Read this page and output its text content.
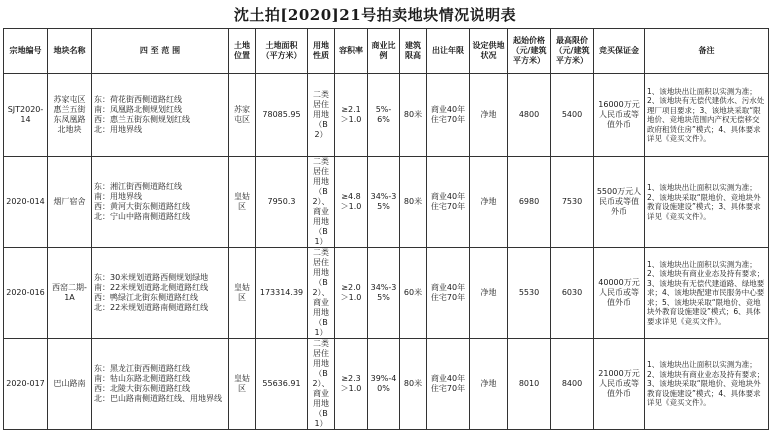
沈土拍[2020]21号拍卖地块情况说明表
宗地编号	地块名称	四 至 范 围	土地位置	土地面积（平方米）	用地性质	容积率	商业比例	建筑限高	出让年限	设定供地状况	起始价格（元/建筑平方米）	最高限价（元/建筑平方米）	竞买保证金	备注
SJT2020-14	苏家屯区惠兰五街东凤凰路北地块	东：荷花街西侧道路红线
南：凤凰路北侧规划红线
西：惠兰五街东侧规划红线
北：用地界线	苏家屯区	78085.95	二类居住用地（B2）	≥2.1 ＞1.0	5%-6%	80米	商业40年住宅70年	净地	4800	5400	16000万元人民币或等值外币	1、该地块出让面积以实测为准；2、该地块有无偿代建供水、污水处理厂项目要求；3、该地块采取“限地价、竞地块范围内产权无偿移交政府租赁住房”模式；4、具体要求详见《竞买文件》。
2020-014	烟厂宿舍	东：湘江街西侧道路红线
南：用地界线
西：黄河大街东侧道路红线
北：宁山中路南侧道路红线	皇姑区	7950.3	二类居住用地（B2）、商业用地（B1）	≥4.8 ＞1.0	34%-35%	80米	商业40年住宅70年	净地	6980	7530	5500万元人民币或等值外币	1、该地块出让面积以实测为准；2、该地块采取“限地价、竞地块外教育设施建设”模式；3、具体要求详见《竞买文件》。
2020-016	西窑二期-1A	东：30米规划道路西侧规划绿地
南：22米规划道路北侧道路红线
西：鸭绿江北街东侧道路红线
北：22米规划道路南侧道路红线	皇姑区	173314.39	二类居住用地（B2）、商业用地（B1）	≥2.0 ＞1.0	34%-35%	60米	商业40年住宅70年	净地	5530	6030	40000万元人民币或等值外币	1、该地块出让面积以实测为准；2、该地块有商业业态及持有要求；3、该地块有无偿代建道路、绿地要求；4、该地块配建市民服务中心要求；5、该地块采取“限地价、竞地块外教育设施建设”模式；6、具体要求详见《竞买文件》。
2020-017	巴山路南	东：黑龙江街西侧道路红线
南：牯山东路北侧道路红线
西：北陵大街东侧道路红线
北：巴山路南侧道路红线、用地界线	皇姑区	55636.91	二类居住用地（B2）、商业用地（B1）	≥2.3 ＞1.0	39%-40%	80米	商业40年住宅70年	净地	8010	8400	21000万元人民币或等值外币	1、该地块出让面积以实测为准；2、该地块有商业业态及持有要求；3、该地块采取“限地价、竞地块外教育设施建设”模式；4、具体要求详见《竞买文件》。
